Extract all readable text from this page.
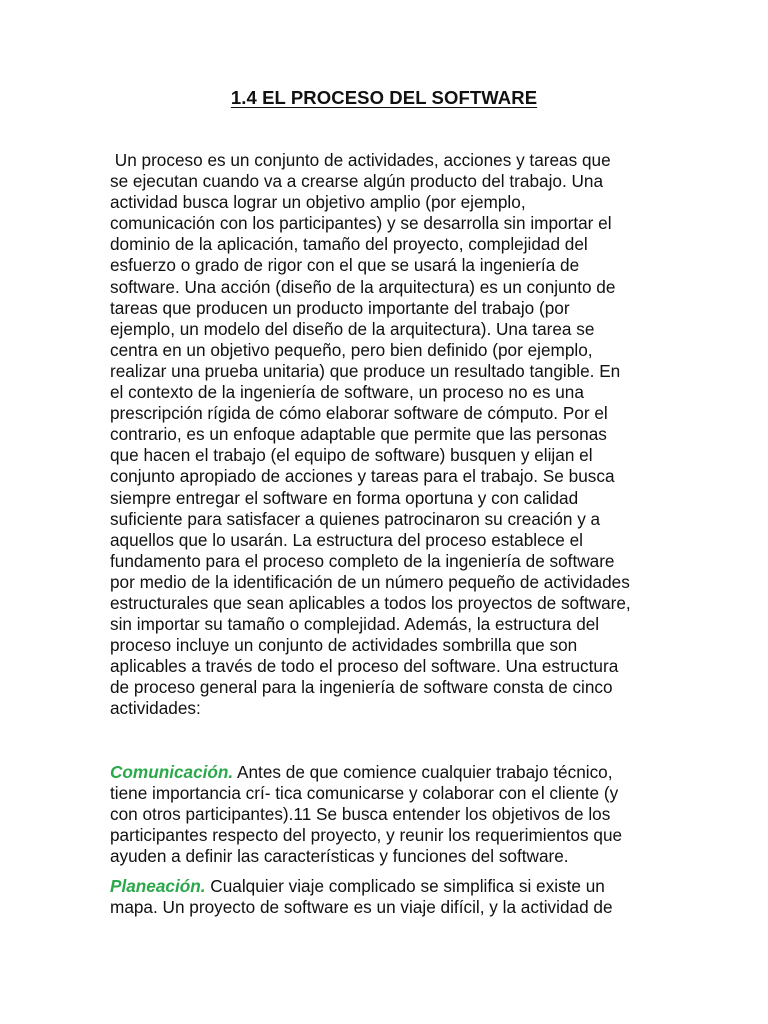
1.4 EL PROCESO DEL SOFTWARE
Un proceso es un conjunto de actividades, acciones y tareas que
se ejecutan cuando va a crearse algún producto del trabajo. Una
actividad busca lograr un objetivo amplio (por ejemplo,
comunicación con los participantes) y se desarrolla sin importar el
dominio de la aplicación, tamaño del proyecto, complejidad del
esfuerzo o grado de rigor con el que se usará la ingeniería de
software. Una acción (diseño de la arquitectura) es un conjunto de
tareas que producen un producto importante del trabajo (por
ejemplo, un modelo del diseño de la arquitectura). Una tarea se
centra en un objetivo pequeño, pero bien definido (por ejemplo,
realizar una prueba unitaria) que produce un resultado tangible. En
el contexto de la ingeniería de software, un proceso no es una
prescripción rígida de cómo elaborar software de cómputo. Por el
contrario, es un enfoque adaptable que permite que las personas
que hacen el trabajo (el equipo de software) busquen y elijan el
conjunto apropiado de acciones y tareas para el trabajo. Se busca
siempre entregar el software en forma oportuna y con calidad
suficiente para satisfacer a quienes patrocinaron su creación y a
aquellos que lo usarán. La estructura del proceso establece el
fundamento para el proceso completo de la ingeniería de software
por medio de la identificación de un número pequeño de actividades
estructurales que sean aplicables a todos los proyectos de software,
sin importar su tamaño o complejidad. Además, la estructura del
proceso incluye un conjunto de actividades sombrilla que son
aplicables a través de todo el proceso del software. Una estructura
de proceso general para la ingeniería de software consta de cinco
actividades:
Comunicación. Antes de que comience cualquier trabajo técnico,
tiene importancia crí- tica comunicarse y colaborar con el cliente (y
con otros participantes).11 Se busca entender los objetivos de los
participantes respecto del proyecto, y reunir los requerimientos que
ayuden a definir las características y funciones del software.
Planeación. Cualquier viaje complicado se simplifica si existe un
mapa. Un proyecto de software es un viaje difícil, y la actividad de
